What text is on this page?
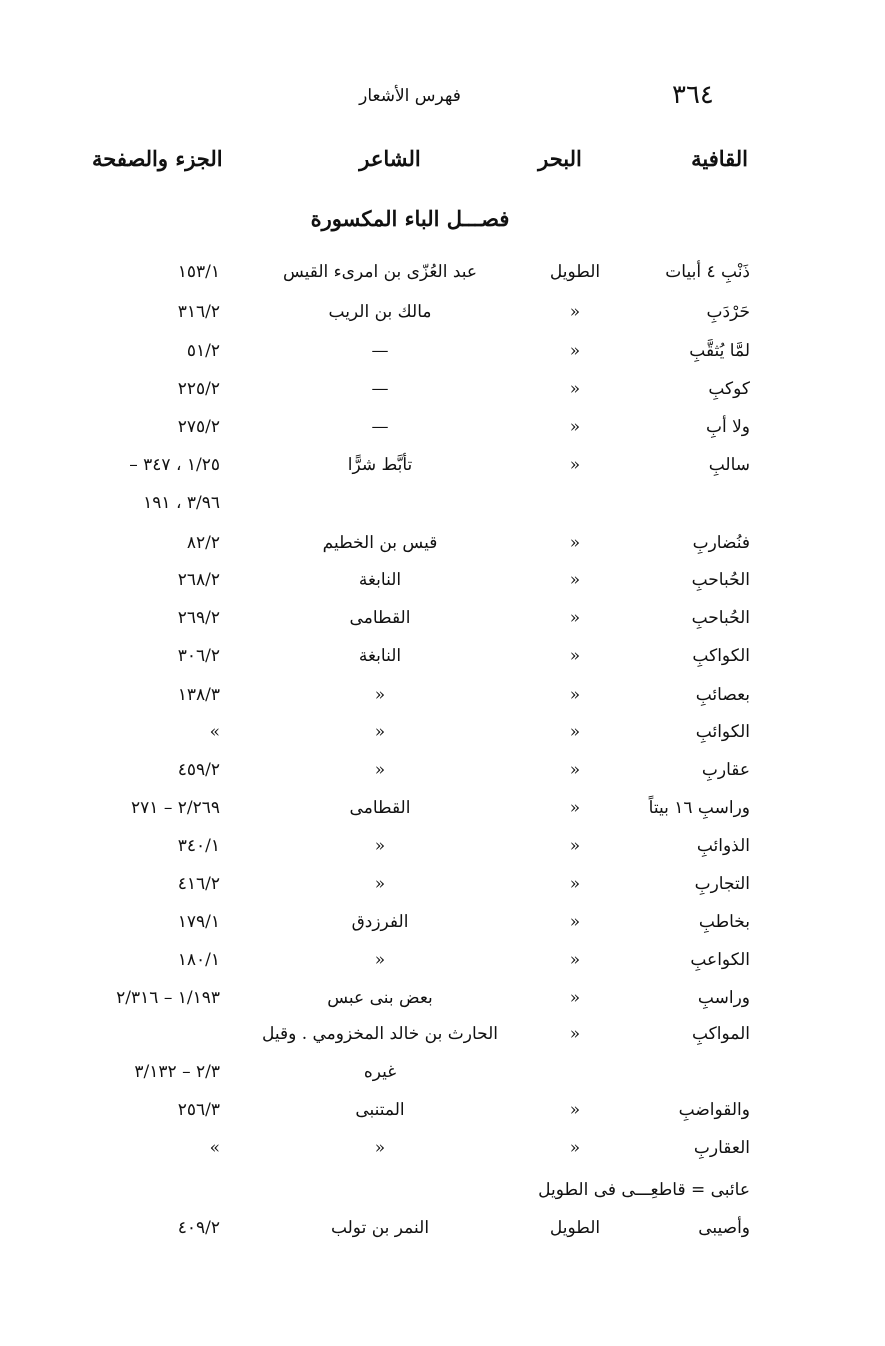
٣٦٤
فهرس الأشعار
القافية
البحر
الشاعر
الجزء والصفحة
فصـــل الباء المكسورة
ذَنْبِ ٤ أبيات
الطويل
عبد العُزّى بن امرىء القيس
١٥٣/١
حَرْدَبِ
»
مالك بن الريب
٣١٦/٢
لمَّا يُثقَّبِ
»
—
٥١/٢
كوكبِ
»
—
٢٢٥/٢
ولا أبِ
»
—
٢٧٥/٢
سالبِ
»
تأبَّط شرًّا
١/٢٥ ، ٣٤٧ –
٣/٩٦ ، ١٩١
فنُضاربِ
»
قيس بن الخطيم
٨٢/٢
الحُباحبِ
»
النابغة
٢٦٨/٢
الحُباحبِ
»
القطامى
٢٦٩/٢
الكواكبِ
»
النابغة
٣٠٦/٢
بعصائبِ
»
»
١٣٨/٣
الكوائبِ
»
»
»
عقاربِ
»
»
٤٥٩/٢
وراسبِ ١٦ بيتاً
»
القطامى
٢/٢٦٩ – ٢٧١
الذوائبِ
»
»
٣٤٠/١
التجاربِ
»
»
٤١٦/٢
بخاطبِ
»
الفرزدق
١٧٩/١
الكواعبِ
»
»
١٨٠/١
وراسبِ
»
بعض بنى عبس
١/١٩٣ – ٢/٣١٦
المواكبِ
»
الحارث بن خالد المخزومي . وقيل
غيره
٢/٣ – ٣/١٣٢
والقواضبِ
»
المتنبى
٢٥٦/٣
العقاربِ
»
»
»
وأصيبى
الطويل
النمر بن تولب
٤٠٩/٢
عائبى = قاطعِـــى فى الطويل
